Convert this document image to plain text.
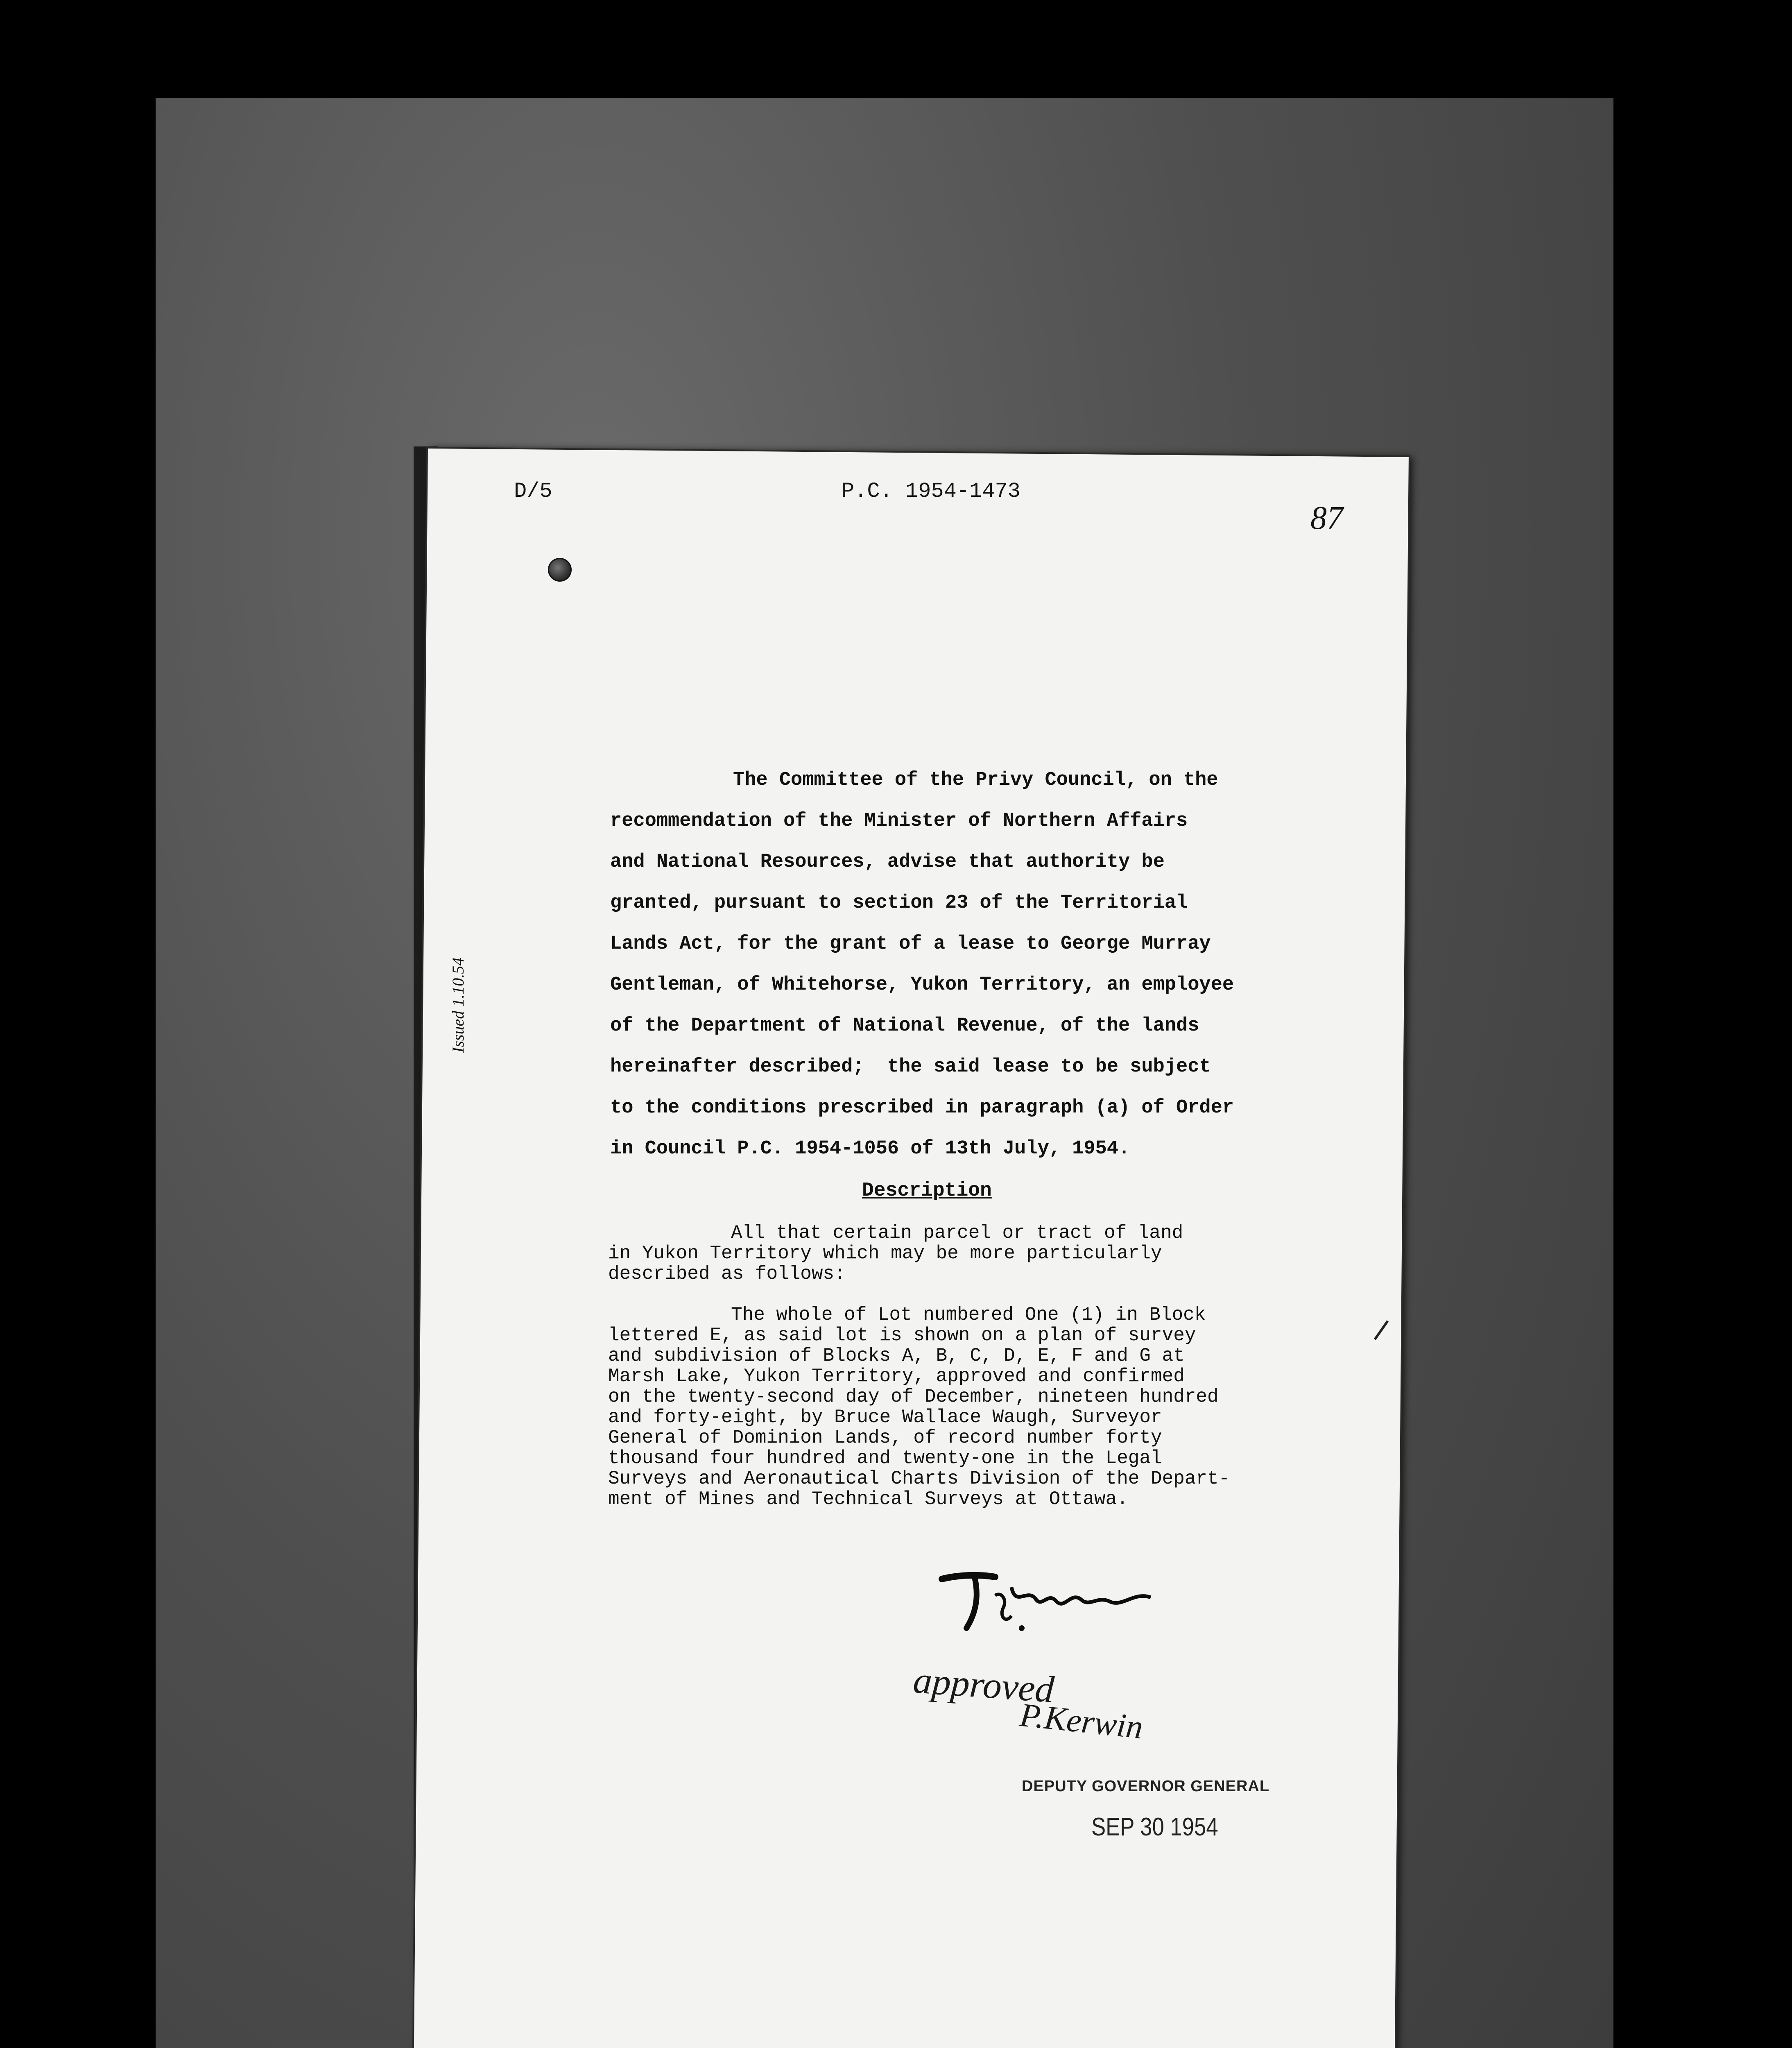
D/5	P.C. 1954-1473
87
Issued 1.10.54
The Committee of the Privy Council, on the
recommendation of the Minister of Northern Affairs
and National Resources, advise that authority be
granted, pursuant to section 23 of the Territorial
Lands Act, for the grant of a lease to George Murray
Gentleman, of Whitehorse, Yukon Territory, an employee
of the Department of National Revenue, of the lands
hereinafter described;  the said lease to be subject
to the conditions prescribed in paragraph (a) of Order
in Council P.C. 1954-1056 of 13th July, 1954.
Description
All that certain parcel or tract of land
in Yukon Territory which may be more particularly
described as follows:
The whole of Lot numbered One (1) in Block
lettered E, as said lot is shown on a plan of survey
and subdivision of Blocks A, B, C, D, E, F and G at
Marsh Lake, Yukon Territory, approved and confirmed
on the twenty-second day of December, nineteen hundred
and forty-eight, by Bruce Wallace Waugh, Surveyor
General of Dominion Lands, of record number forty
thousand four hundred and twenty-one in the Legal
Surveys and Aeronautical Charts Division of the Depart-
ment of Mines and Technical Surveys at Ottawa.
approved
P.Kerwin
DEPUTY GOVERNOR GENERAL
SEP 30 1954
